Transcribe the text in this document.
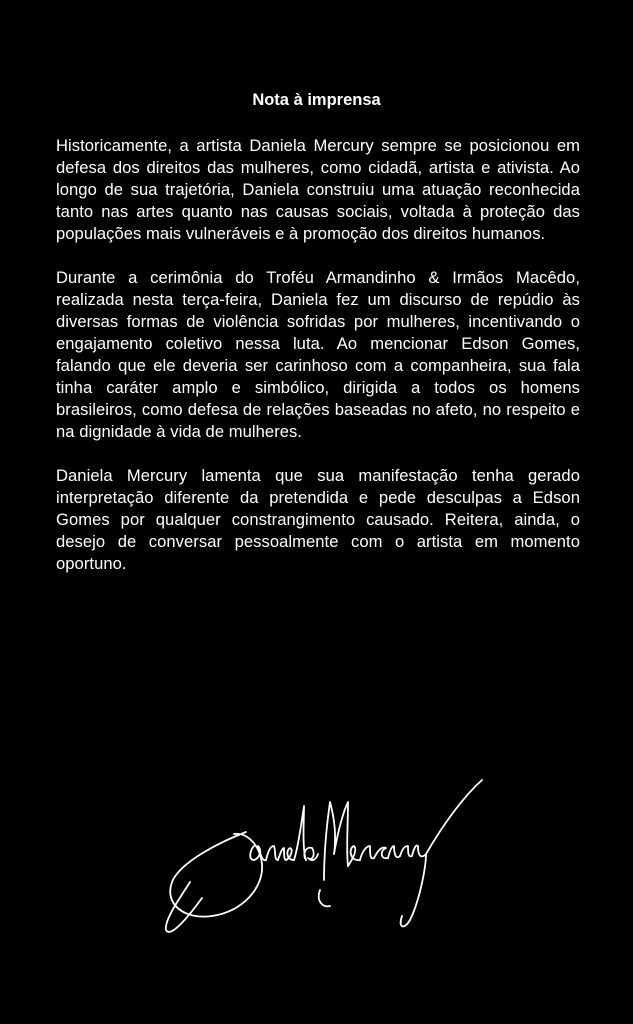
Nota à imprensa

Historicamente, a artista Daniela Mercury sempre se posicionou em defesa dos direitos das mulheres, como cidadã, artista e ativista. Ao longo de sua trajetória, Daniela construiu uma atuação reconhecida tanto nas artes quanto nas causas sociais, voltada à proteção das populações mais vulneráveis e à promoção dos direitos humanos.

Durante a cerimônia do Troféu Armandinho & Irmãos Macêdo, realizada nesta terça-feira, Daniela fez um discurso de repúdio às diversas formas de violência sofridas por mulheres, incentivando o engajamento coletivo nessa luta. Ao mencionar Edson Gomes, falando que ele deveria ser carinhoso com a companheira, sua fala tinha caráter amplo e simbólico, dirigida a todos os homens brasileiros, como defesa de relações baseadas no afeto, no respeito e na dignidade à vida de mulheres.

Daniela Mercury lamenta que sua manifestação tenha gerado interpretação diferente da pretendida e pede desculpas a Edson Gomes por qualquer constrangimento causado. Reitera, ainda, o desejo de conversar pessoalmente com o artista em momento oportuno.
